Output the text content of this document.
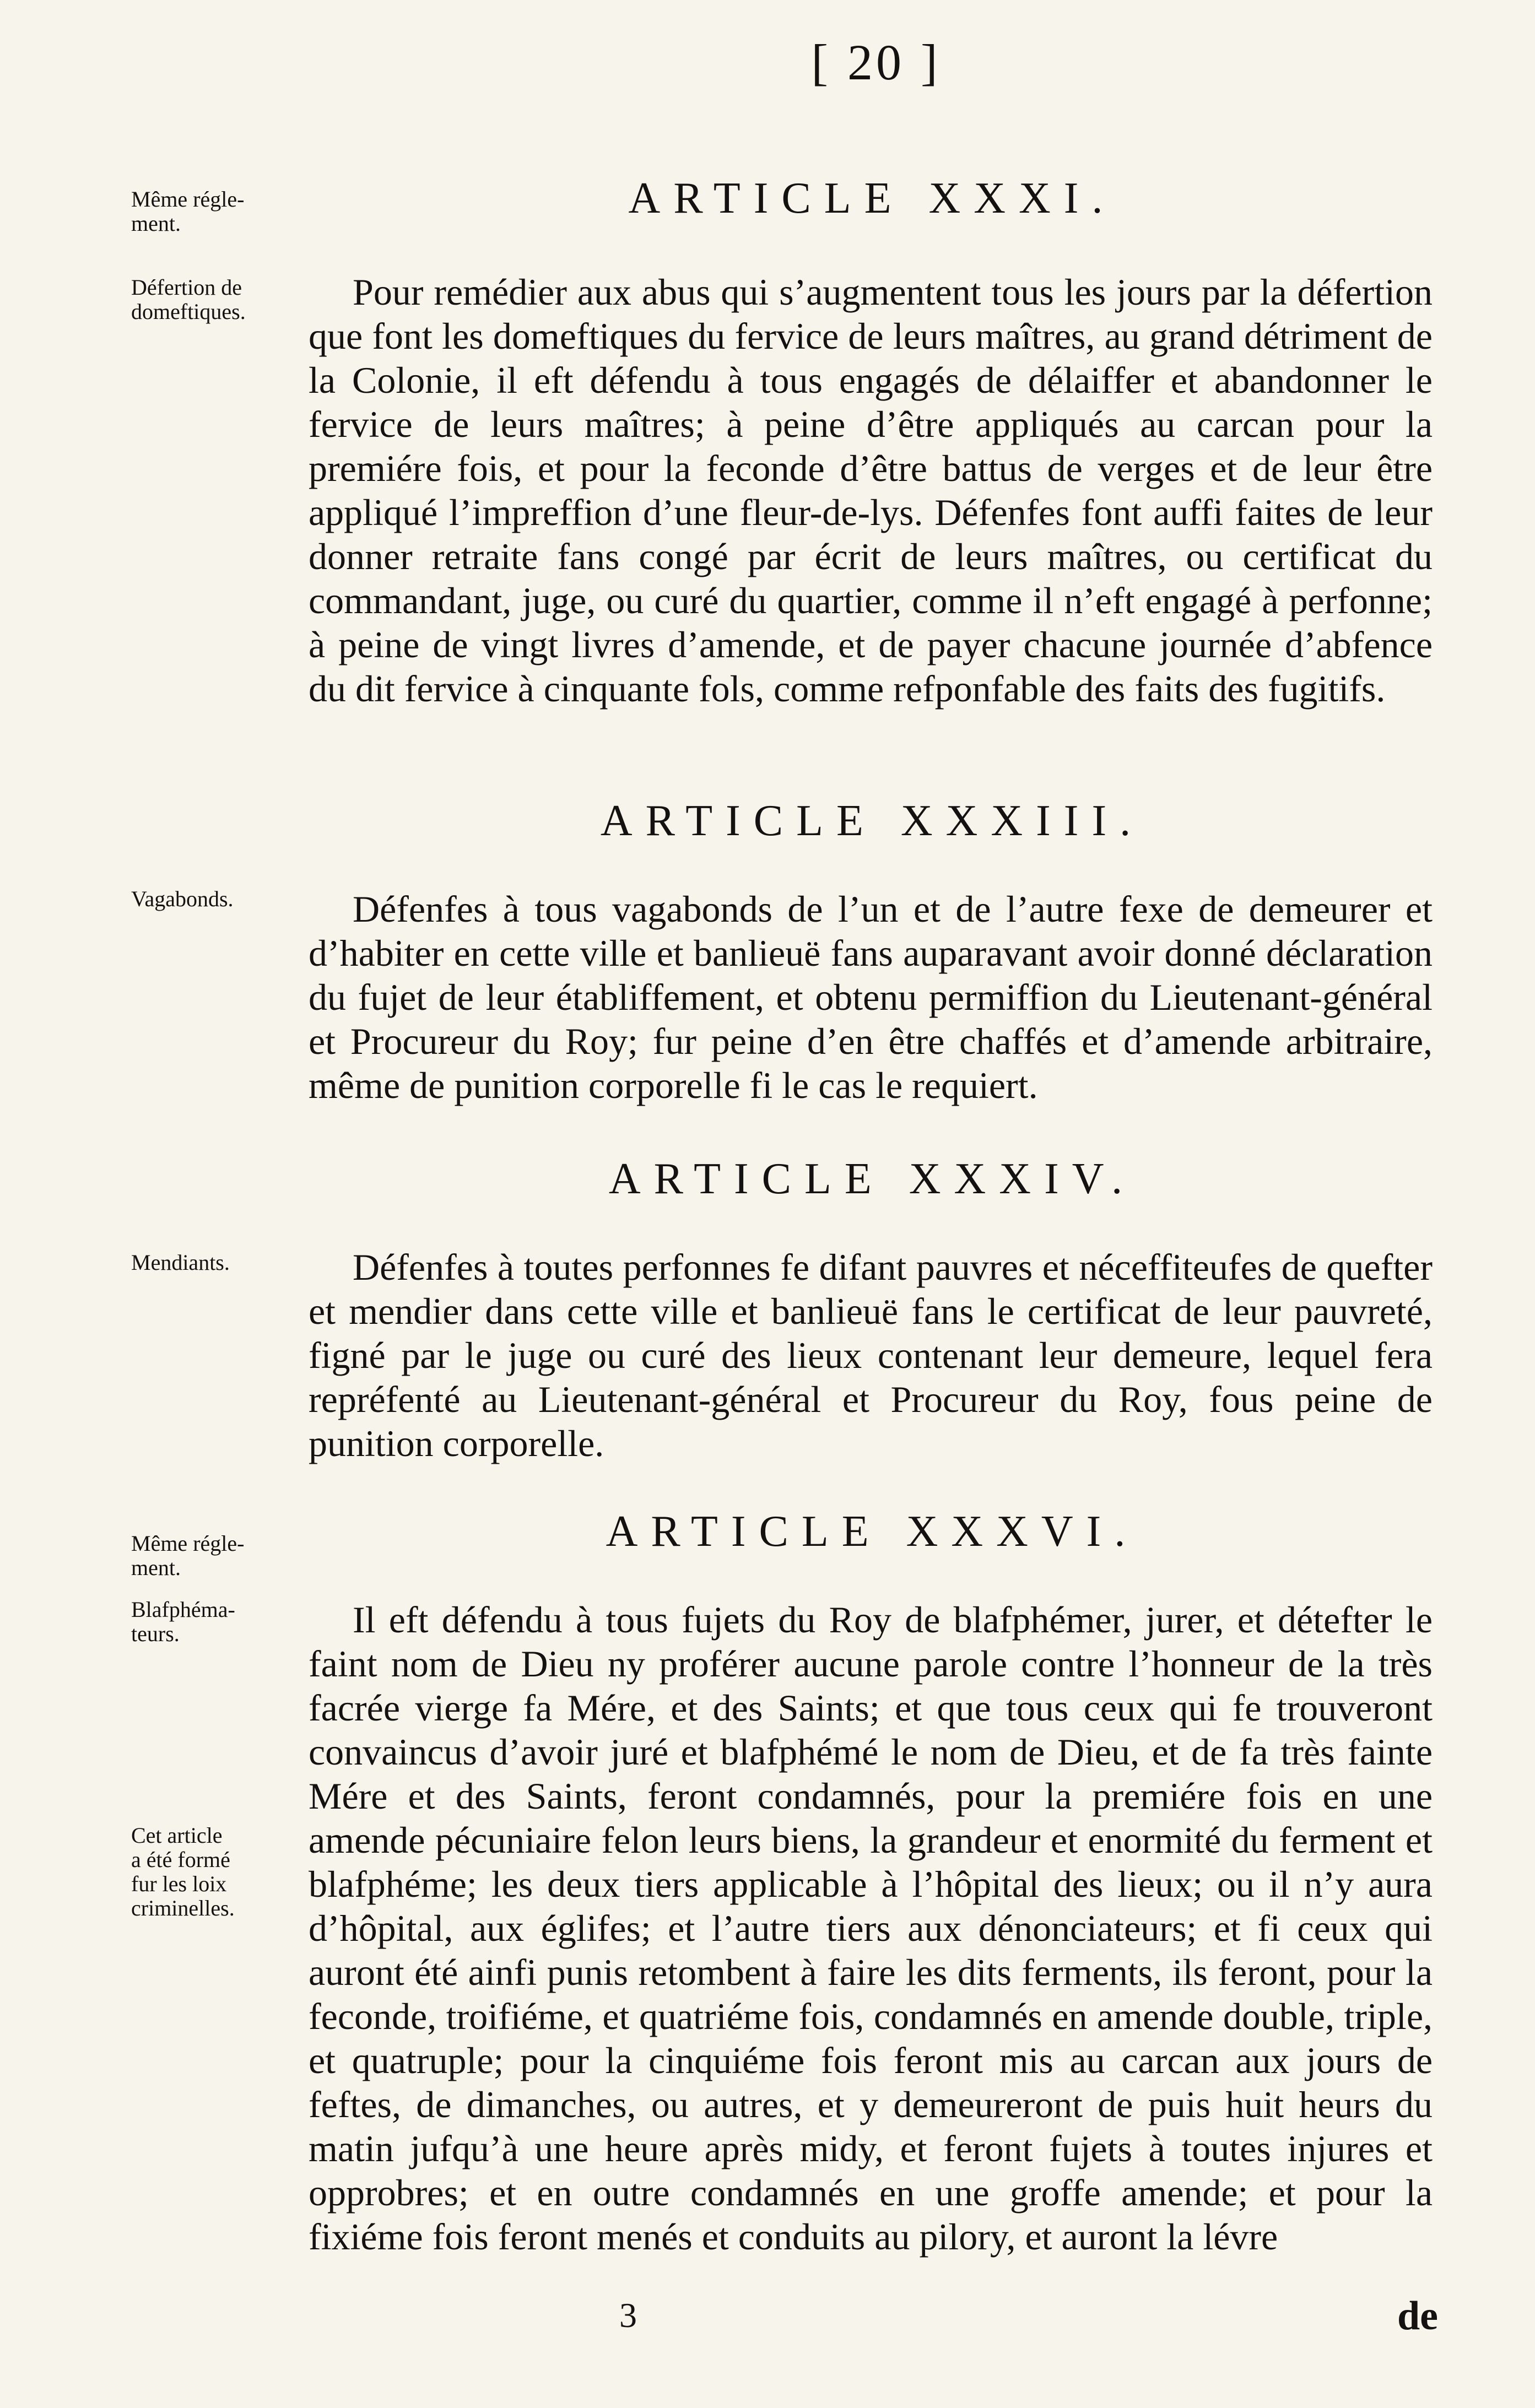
[ 20 ]

Même régle-
ment.

Défertion de
domeftiques.

Vagabonds.

Mendiants.

Même régle-
ment.

Blafphéma-
teurs.

Cet article
a été formé
fur les loix
criminelles.

ARTICLE XXXI.

Pour remédier aux abus qui s’augmentent tous les jours par la défertion que font les domeftiques du fervice de leurs maîtres, au grand détriment de la Colonie, il eft défendu à tous engagés de délaiffer et abandonner le fervice de leurs maîtres; à peine d’être appliqués au carcan pour la premiére fois, et pour la feconde d’être battus de verges et de leur être appliqué l’impreffion d’une fleur-de-lys. Défenfes font auffi faites de leur donner retraite fans congé par écrit de leurs maîtres, ou certificat du commandant, juge, ou curé du quartier, comme il n’eft engagé à perfonne; à peine de vingt livres d’amende, et de payer chacune journée d’abfence du dit fervice à cinquante fols, comme refponfable des faits des fugitifs.

ARTICLE XXXIII.

Défenfes à tous vagabonds de l’un et de l’autre fexe de demeurer et d’habiter en cette ville et banlieuë fans auparavant avoir donné déclaration du fujet de leur établiffement, et obtenu permiffion du Lieutenant-général et Procureur du Roy; fur peine d’en être chaffés et d’amende arbitraire, même de punition corporelle fi le cas le requiert.

ARTICLE XXXIV.

Défenfes à toutes perfonnes fe difant pauvres et néceffiteufes de quefter et mendier dans cette ville et banlieuë fans le certificat de leur pauvreté, figné par le juge ou curé des lieux contenant leur demeure, lequel fera repréfenté au Lieutenant-général et Procureur du Roy, fous peine de punition corporelle.

ARTICLE XXXVI.

Il eft défendu à tous fujets du Roy de blafphémer, jurer, et détefter le faint nom de Dieu ny proférer aucune parole contre l’honneur de la très facrée vierge fa Mére, et des Saints; et que tous ceux qui fe trouveront convaincus d’avoir juré et blafphémé le nom de Dieu, et de fa très fainte Mére et des Saints, feront condamnés, pour la premiére fois en une amende pécuniaire felon leurs biens, la grandeur et enormité du ferment et blafphéme; les deux tiers applicable à l’hôpital des lieux; ou il n’y aura d’hôpital, aux églifes; et l’autre tiers aux dénonciateurs; et fi ceux qui auront été ainfi punis retombent à faire les dits ferments, ils feront, pour la feconde, troifiéme, et quatriéme fois, condamnés en amende double, triple, et quatruple; pour la cinquiéme fois feront mis au carcan aux jours de feftes, de dimanches, ou autres, et y demeureront de puis huit heurs du matin jufqu’à une heure après midy, et feront fujets à toutes injures et opprobres; et en outre condamnés en une groffe amende; et pour la fixiéme fois feront menés et conduits au pilory, et auront la lévre

3	de
